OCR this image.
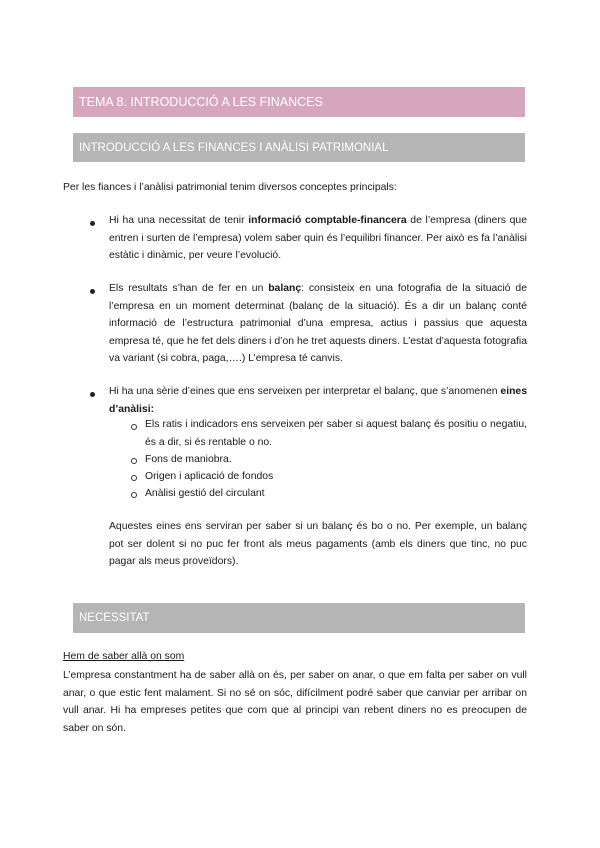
TEMA 8. INTRODUCCIÓ A LES FINANCES
INTRODUCCIÓ A LES FINANCES I ANÀLISI PATRIMONIAL

Per les fiances i l’anàlisi patrimonial tenim diversos conceptes principals:

Hi ha una necessitat de tenir informació comptable-financera de l’empresa (diners que entren i surten de l’empresa) volem saber quin és l’equilibri financer. Per això es fa l’anàlisi estàtic i dinàmic, per veure l’evolució.
Els resultats s’han de fer en un balanç: consisteix en una fotografia de la situació de l’empresa en un moment determinat (balanç de la situació). És a dir un balanç conté informació de l’estructura patrimonial d’una empresa, actius i passius que aquesta empresa té, que he fet dels diners i d’on he tret aquests diners. L’estat d’aquesta fotografia va variant (si cobra, paga,….) L’empresa té canvis.
Hi ha una sèrie d’eines que ens serveixen per interpretar el balanç, que s’anomenen eines d’anàlisi:
Els ratis i indicadors ens serveixen per saber si aquest balanç és positiu o negatiu, és a dir, si és rentable o no.
Fons de maniobra.
Origen i aplicació de fondos
Anàlisi gestió del circulant
Aquestes eines ens serviran per saber si un balanç és bo o no. Per exemple, un balanç pot ser dolent si no puc fer front als meus pagaments (amb els diners que tinc, no puc pagar als meus proveïdors).
NECESSITAT
Hem de saber allà on som
L’empresa constantment ha de saber allà on és, per saber on anar, o que em falta per saber on vull anar, o que estic fent malament. Si no sé on sóc, difícilment podré saber que canviar per arribar on vull anar. Hi ha empreses petites que com que al principi van rebent diners no es preocupen de saber on són.
